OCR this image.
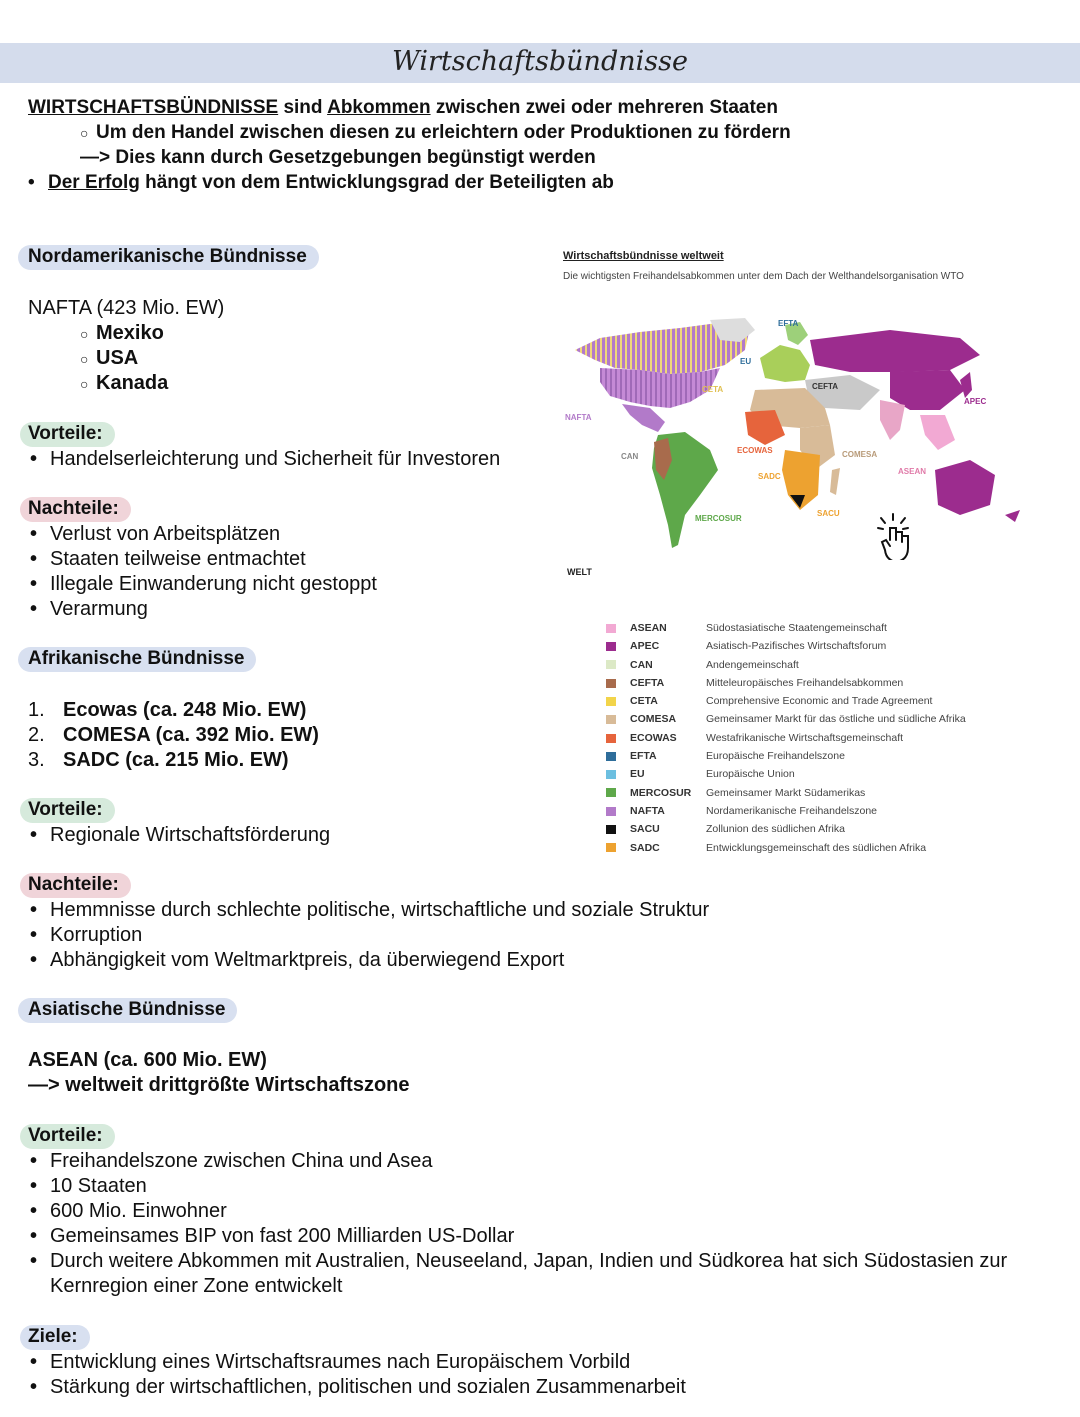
Wirtschaftsbündnisse
WIRTSCHAFTSBÜNDNISSE sind Abkommen zwischen zwei oder mehreren Staaten
○ Um den Handel zwischen diesen zu erleichtern oder Produktionen zu fördern
—> Dies kann durch Gesetzgebungen begünstigt werden
• Der Erfolg hängt von dem Entwicklungsgrad der Beteiligten ab
Nordamerikanische Bündnisse
NAFTA (423 Mio. EW)
○ Mexiko
○ USA
○ Kanada
Vorteile:
• Handelserleichterung und Sicherheit für Investoren
Nachteile:
• Verlust von Arbeitsplätzen
• Staaten teilweise entmachtet
• Illegale Einwanderung nicht gestoppt
• Verarmung
Afrikanische Bündnisse
1. Ecowas (ca. 248 Mio. EW)
2. COMESA (ca. 392 Mio. EW)
3. SADC (ca. 215 Mio. EW)
Vorteile:
• Regionale Wirtschaftsförderung
Nachteile:
• Hemmnisse durch schlechte politische, wirtschaftliche und soziale Struktur
• Korruption
• Abhängigkeit vom Weltmarktpreis, da überwiegend Export
Asiatische Bündnisse
ASEAN (ca. 600 Mio. EW)
—> weltweit drittgrößte Wirtschaftszone
Vorteile:
• Freihandelszone zwischen China und Asea
• 10 Staaten
• 600 Mio. Einwohner
• Gemeinsames BIP von fast 200 Milliarden US-Dollar
• Durch weitere Abkommen mit Australien, Neuseeland, Japan, Indien und Südkorea hat sich Südostasien zur Kernregion einer Zone entwickelt
Ziele:
• Entwicklung eines Wirtschaftsraumes nach Europäischem Vorbild
• Stärkung der wirtschaftlichen, politischen und sozialen Zusammenarbeit
Wirtschaftsbündnisse weltweit
Die wichtigsten Freihandelsabkommen unter dem Dach der Welthandelsorganisation WTO
EFTA
EU
CETA	CEFTA
APEC
NAFTA
CAN
ECOWAS	COMESA
ASEAN
SADC
MERCOSUR
SACU
WELT
ASEAN	Südostasiatische Staatengemeinschaft
APEC	Asiatisch-Pazifisches Wirtschaftsforum
CAN	Andengemeinschaft
CEFTA	Mitteleuropäisches Freihandelsabkommen
CETA	Comprehensive Economic and Trade Agreement
COMESA	Gemeinsamer Markt für das östliche und südliche Afrika
ECOWAS	Westafrikanische Wirtschaftsgemeinschaft
EFTA	Europäische Freihandelszone
EU	Europäische Union
MERCOSUR Gemeinsamer Markt Südamerikas
NAFTA	Nordamerikanische Freihandelszone
SACU	Zollunion des südlichen Afrika
SADC	Entwicklungsgemeinschaft des südlichen Afrika
